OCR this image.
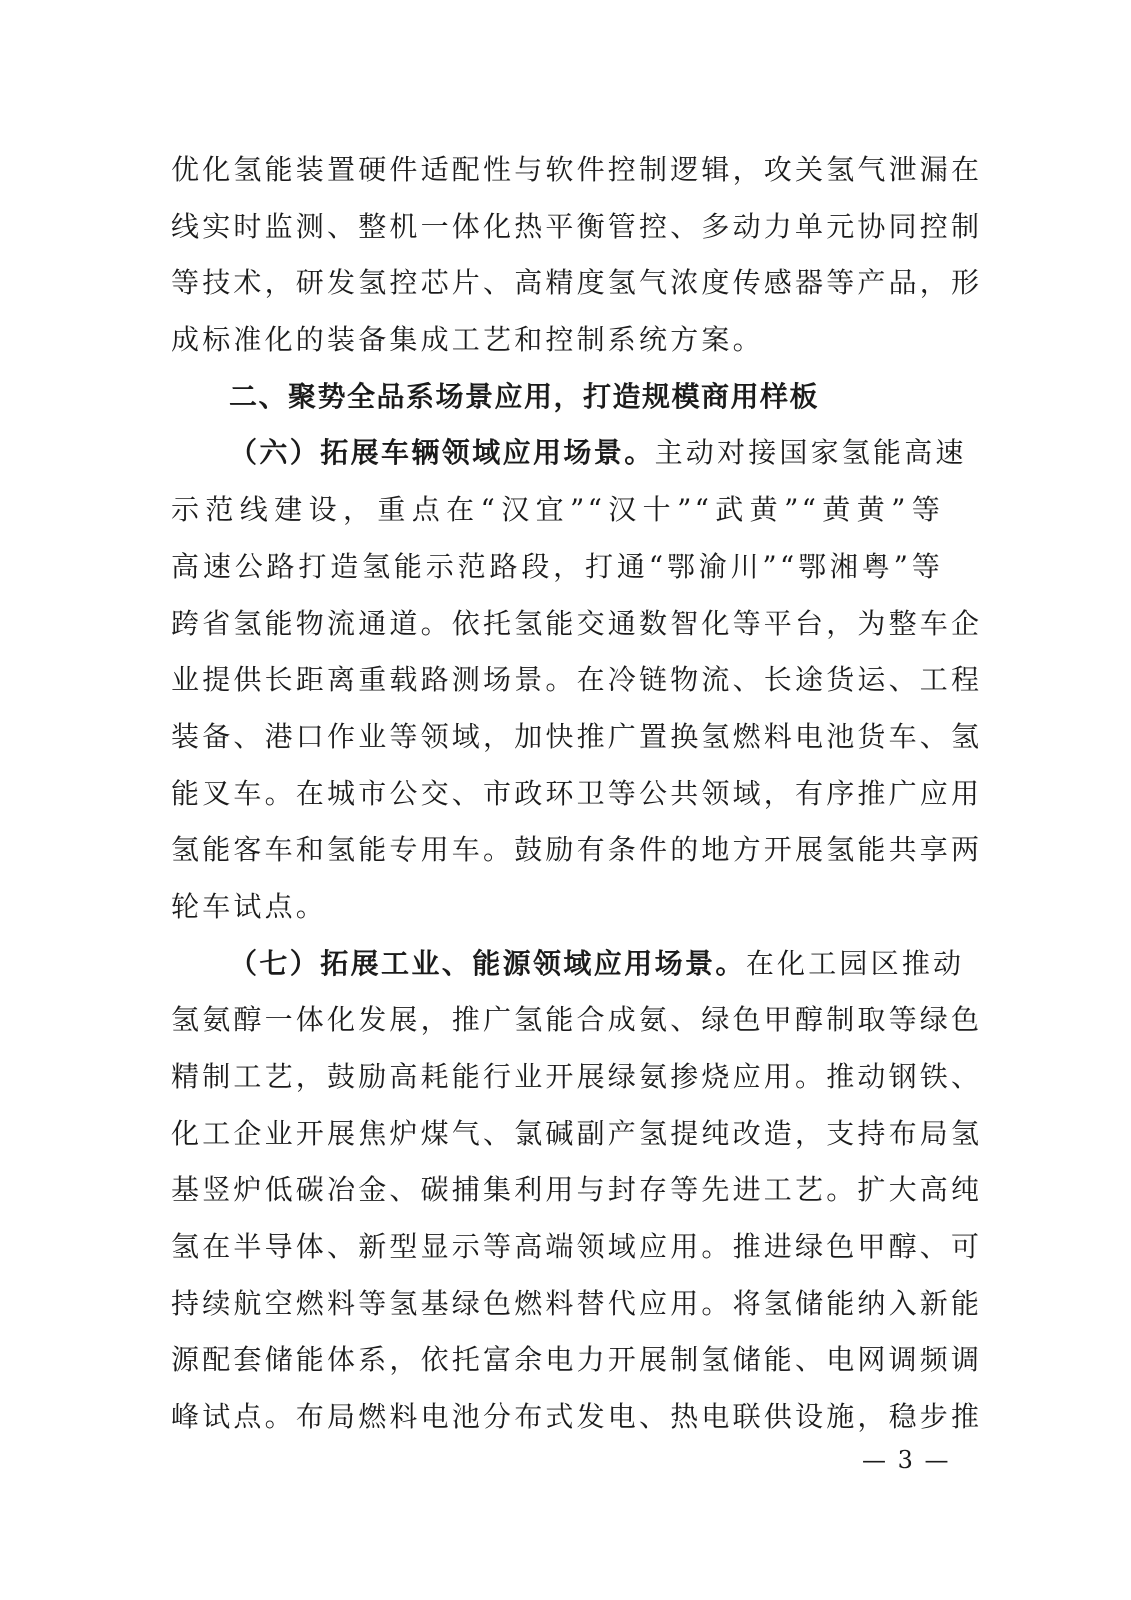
优化氢能装置硬件适配性与软件控制逻辑，攻关氢气泄漏在
线实时监测、整机一体化热平衡管控、多动力单元协同控制
等技术，研发氢控芯片、高精度氢气浓度传感器等产品，形
成标准化的装备集成工艺和控制系统方案。
二、聚势全品系场景应用，打造规模商用样板
（六）拓展车辆领域应用场景。主动对接国家氢能高速
示范线建设，重点在“汉宜”“汉十”“武黄”“黄黄”等
高速公路打造氢能示范路段，打通“鄂渝川”“鄂湘粤”等
跨省氢能物流通道。依托氢能交通数智化等平台，为整车企
业提供长距离重载路测场景。在冷链物流、长途货运、工程
装备、港口作业等领域，加快推广置换氢燃料电池货车、氢
能叉车。在城市公交、市政环卫等公共领域，有序推广应用
氢能客车和氢能专用车。鼓励有条件的地方开展氢能共享两
轮车试点。
（七）拓展工业、能源领域应用场景。在化工园区推动
氢氨醇一体化发展，推广氢能合成氨、绿色甲醇制取等绿色
精制工艺，鼓励高耗能行业开展绿氨掺烧应用。推动钢铁、
化工企业开展焦炉煤气、氯碱副产氢提纯改造，支持布局氢
基竖炉低碳冶金、碳捕集利用与封存等先进工艺。扩大高纯
氢在半导体、新型显示等高端领域应用。推进绿色甲醇、可
持续航空燃料等氢基绿色燃料替代应用。将氢储能纳入新能
源配套储能体系，依托富余电力开展制氢储能、电网调频调
峰试点。布局燃料电池分布式发电、热电联供设施，稳步推
— 3 —
